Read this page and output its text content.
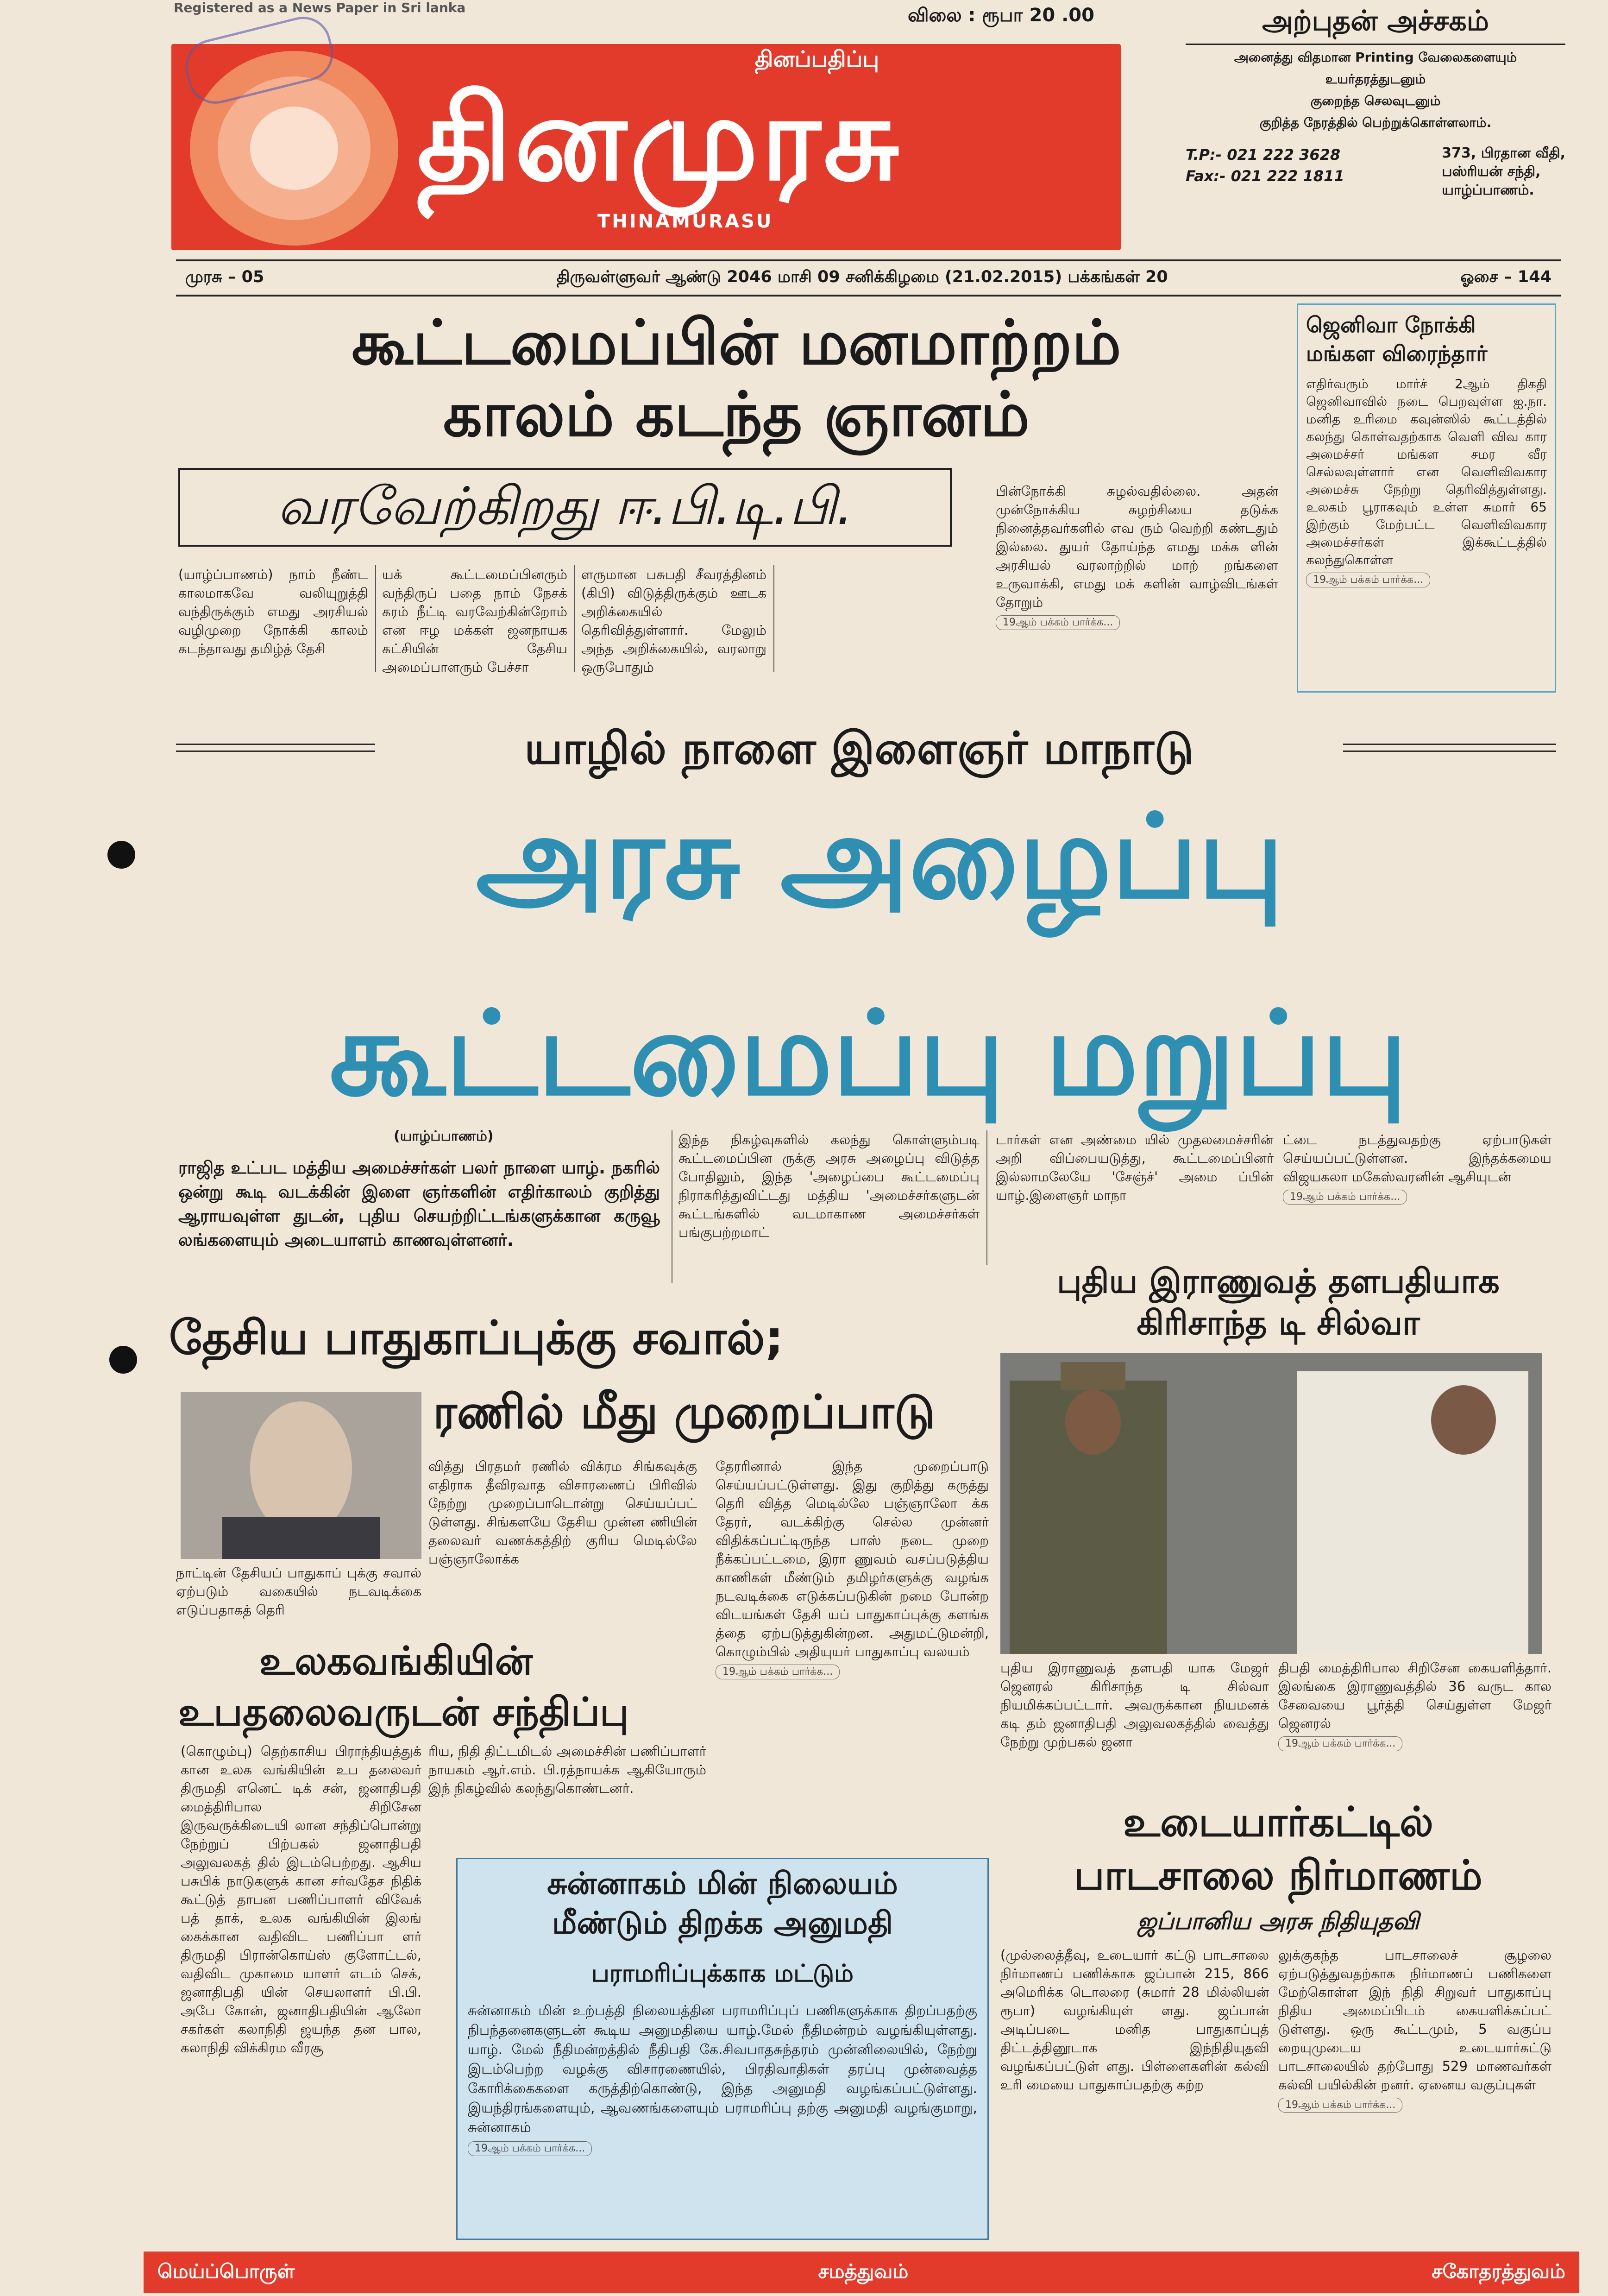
Registered as a News Paper in Sri lanka	விலை : ரூபா 20 .00
தினப்பதிப்பு
தினமுரசு
THINAMURASU
அற்புதன் அச்சகம்
அனைத்து விதமான Printing வேலைகளையும்
உயர்தரத்துடனும்
குறைந்த செலவுடனும்
குறித்த நேரத்தில் பெற்றுக்கொள்ளலாம்.
T.P:- 021 222 3628
Fax:- 021 222 1811
373, பிரதான வீதி,
பஸ்ரியன் சந்தி,
யாழ்ப்பாணம்.
முரசு – 05	திருவள்ளுவர் ஆண்டு 2046 மாசி 09 சனிக்கிழமை (21.02.2015) பக்கங்கள் 20	ஓசை – 144
கூட்டமைப்பின் மனமாற்றம்
காலம் கடந்த ஞானம்
வரவேற்கிறது ஈ.பி.டி.பி.
(யாழ்ப்பாணம்) நாம் நீண்ட காலமாகவே வலியுறுத்தி வந்திருக்கும் எமது அரசியல் வழிமுறை நோக்கி காலம் கடந்தாவது தமிழ்த் தேசி
யக் கூட்டமைப்பினரும் வந்திருப் பதை நாம் நேசக் கரம் நீட்டி வரவேற்கின்றோம் என ஈழ மக்கள் ஜனநாயக கட்சியின் தேசிய அமைப்பாளரும் பேச்சா
ளருமான பசுபதி சீவரத்தினம் (கிபி) விடுத்திருக்கும் ஊடக அறிக்கையில் தெரிவித்துள்ளார். மேலும் அந்த அறிக்கையில், வரலாறு ஒருபோதும்
பின்நோக்கி சுழல்வதில்லை. அதன் முன்நோக்கிய சுழற்சியை தடுக்க நினைத்தவர்களில் எவ ரும் வெற்றி கண்டதும் இல்லை. துயர் தோய்ந்த எமது மக்க ளின் அரசியல் வரலாற்றில் மாற் றங்களை உருவாக்கி, எமது மக் களின் வாழ்விடங்கள் தோறும்
19ஆம் பக்கம் பார்க்க...
ஜெனிவா நோக்கி மங்கள விரைந்தார்
எதிர்வரும் மார்ச் 2ஆம் திகதி ஜெனிவாவில் நடை பெறவுள்ள ஐ.நா. மனித உரிமை கவுன்ஸில் கூட்டத்தில் கலந்து கொள்வதற்காக வெளி விவ கார அமைச்சர் மங்கள சமர வீர செல்லவுள்ளார் என வெளிவிவகார அமைச்சு நேற்று தெரிவித்துள்ளது. உலகம் பூராகவும் உள்ள சுமார் 65 இற்கும் மேற்பட்ட வெளிவிவகார அமைச்சர்கள் இக்கூட்டத்தில் கலந்துகொள்ள
19ஆம் பக்கம் பார்க்க...
யாழில் நாளை இளைஞர் மாநாடு
அரசு அழைப்பு
கூட்டமைப்பு மறுப்பு
(யாழ்ப்பாணம்)
ராஜித உட்பட மத்திய அமைச்சர்கள் பலர் நாளை யாழ். நகரில் ஒன்று கூடி வடக்கின் இளை ஞர்களின் எதிர்காலம் குறித்து ஆராயவுள்ள துடன், புதிய செயற்றிட்டங்களுக்கான கருவூ லங்களையும் அடையாளம் காணவுள்ளனர்.
இந்த நிகழ்வுகளில் கலந்து கொள்ளும்படி கூட்டமைப்பின ருக்கு அரசு அழைப்பு விடுத்த போதிலும், இந்த 'அழைப்பை கூட்டமைப்பு நிராகரித்துவிட்டது மத்திய 'அமைச்சர்களுடன் கூட்டங்களில் வடமாகாண அமைச்சர்கள் பங்குபற்றமாட்
டார்கள் என அண்மை யில் முதலமைச்சரின் அறி விப்பையடுத்து, கூட்டமைப்பினர் இல்லாமலேயே 'சேஞ்ச்' அமை ப்பின் யாழ்.இளைஞர் மாநா
ட்டை நடத்துவதற்கு ஏற்பாடுகள் செய்யப்பட்டுள்ளன. இந்தக்கமைய விஜயகலா மகேஸ்வரனின் ஆசியுடன்
19ஆம் பக்கம் பார்க்க...
தேசிய பாதுகாப்புக்கு சவால்;
ரணில் மீது முறைப்பாடு
நாட்டின் தேசியப் பாதுகாப் புக்கு சவால் ஏற்படும் வகையில் நடவடிக்கை எடுப்பதாகத் தெரி
வித்து பிரதமர் ரணில் விக்ரம சிங்கவுக்கு எதிராக தீவிரவாத விசாரணைப் பிரிவில் நேற்று முறைப்பாடொன்று செய்யப்பட் டுள்ளது. சிங்களயே தேசிய முன்ன ணியின் தலைவர் வணக்கத்திற் குரிய மெடில்லே பஞ்ஞாலோக்க
தேரரினால் இந்த முறைப்பாடு செய்யப்பட்டுள்ளது. இது குறித்து கருத்து தெரி வித்த மெடில்லே பஞ்ஞாலோ க்க தேரர், வடக்கிற்கு செல்ல முன்னர் விதிக்கப்பட்டிருந்த பாஸ் நடை முறை நீக்கப்பட்டமை, இரா ணுவம் வசப்படுத்திய காணிகள் மீண்டும் தமிழர்களுக்கு வழங்க நடவடிக்கை எடுக்கப்படுகின் றமை போன்ற விடயங்கள் தேசி யப் பாதுகாப்புக்கு களங்க த்தை ஏற்படுத்துகின்றன. அதுமட்டுமன்றி, கொழும்பில் அதியுயர் பாதுகாப்பு வலயம்
19ஆம் பக்கம் பார்க்க...
உலகவங்கியின்
உபதலைவருடன் சந்திப்பு
(கொழும்பு) தெற்காசிய பிராந்தியத்துக் கான உலக வங்கியின் உப தலைவர் திருமதி எனெட் டிக் சன், ஜனாதிபதி மைத்திரிபால சிறிசேன இருவருக்கிடையி லான சந்திப்பொன்று நேற்றுப் பிற்பகல் ஜனாதிபதி அலுவலகத் தில் இடம்பெற்றது. ஆசிய பசுபிக் நாடுகளுக் கான சர்வதேச நிதிக் கூட்டுத் தாபன பணிப்பாளர் விவேக் பத் தாக், உலக வங்கியின் இலங் கைக்கான வதிவிட பணிப்பா ளர் திருமதி பிரான்கொய்ஸ் குளோட்டல், வதிவிட முகாமை யாளர் எடம் செக், ஜனாதிபதி யின் செயலாளர் பி.பி. அபே கோன், ஜனாதிபதியின் ஆலோ சகர்கள் கலாநிதி ஜயந்த தன பால, கலாநிதி விக்கிரம வீரசூ
ரிய, நிதி திட்டமிடல் அமைச்சின் பணிப்பாளர் நாயகம் ஆர்.எம். பி.ரத்நாயக்க ஆகியோரும் இந் நிகழ்வில் கலந்துகொண்டனர்.
புதிய இராணுவத் தளபதியாக
கிரிசாந்த டி சில்வா
புதிய இராணுவத் தளபதி யாக மேஜர் ஜெனரல் கிரிசாந்த டி சில்வா நியமிக்கப்பட்டார். அவருக்கான நியமனக் கடி தம் ஜனாதிபதி அலுவலகத்தில் வைத்து நேற்று முற்பகல் ஜனா
திபதி மைத்திரிபால சிறிசேன கையளித்தார். இலங்கை இராணுவத்தில் 36 வருட கால சேவையை பூர்த்தி செய்துள்ள மேஜர் ஜெனரல்
19ஆம் பக்கம் பார்க்க...
சுன்னாகம் மின் நிலையம்
மீண்டும் திறக்க அனுமதி
பராமரிப்புக்காக மட்டும்
சுன்னாகம் மின் உற்பத்தி நிலையத்தின பராமரிப்புப் பணிகளுக்காக திறப்பதற்கு நிபந்தனைகளுடன் கூடிய அனுமதியை யாழ்.மேல் நீதிமன்றம் வழங்கியுள்ளது. யாழ். மேல் நீதிமன்றத்தில் நீதிபதி கே.சிவபாதசுந்தரம் முன்னிலையில், நேற்று இடம்பெற்ற வழக்கு விசாரணையில், பிரதிவாதிகள் தரப்பு முன்வைத்த கோரிக்கைகளை கருத்திற்கொண்டு, இந்த அனுமதி வழங்கப்பட்டுள்ளது. இயந்திரங்களையும், ஆவணங்களையும் பராமரிப்பு தற்கு அனுமதி வழங்குமாறு, சுன்னாகம்
19ஆம் பக்கம் பார்க்க...
உடையார்கட்டில்
பாடசாலை நிர்மாணம்
ஜப்பானிய அரசு நிதியுதவி
(முல்லைத்தீவு, உடையார் கட்டு பாடசாலை நிர்மாணப் பணிக்காக ஜப்பான் 215, 866 அமெரிக்க டொலரை (சுமார் 28 மில்லியன் ரூபா) வழங்கியுள் ளது. ஜப்பான் அடிப்படை மனித பாதுகாப்புத் திட்டத்தினூடாக இந்நிதியுதவி வழங்கப்பட்டுள் ளது. பிள்ளைகளின் கல்வி உரி மையை பாதுகாப்பதற்கு கற்ற
லுக்குகந்த பாடசாலைச் சூழலை ஏற்படுத்துவதற்காக நிர்மாணப் பணிகளை மேற்கொள்ள இந் நிதி சிறுவர் பாதுகாப்பு நிதிய அமைப்பிடம் கையளிக்கப்பட் டுள்ளது. ஒரு கூட்டமும், 5 வகுப்ப றையுமுடைய உடையார்கட்டு பாடசாலையில் தற்போது 529 மாணவர்கள் கல்வி பயில்கின் றனர். ஏனைய வகுப்புகள்
19ஆம் பக்கம் பார்க்க...
மெய்ப்பொருள்	சமத்துவம்	சகோதரத்துவம்
